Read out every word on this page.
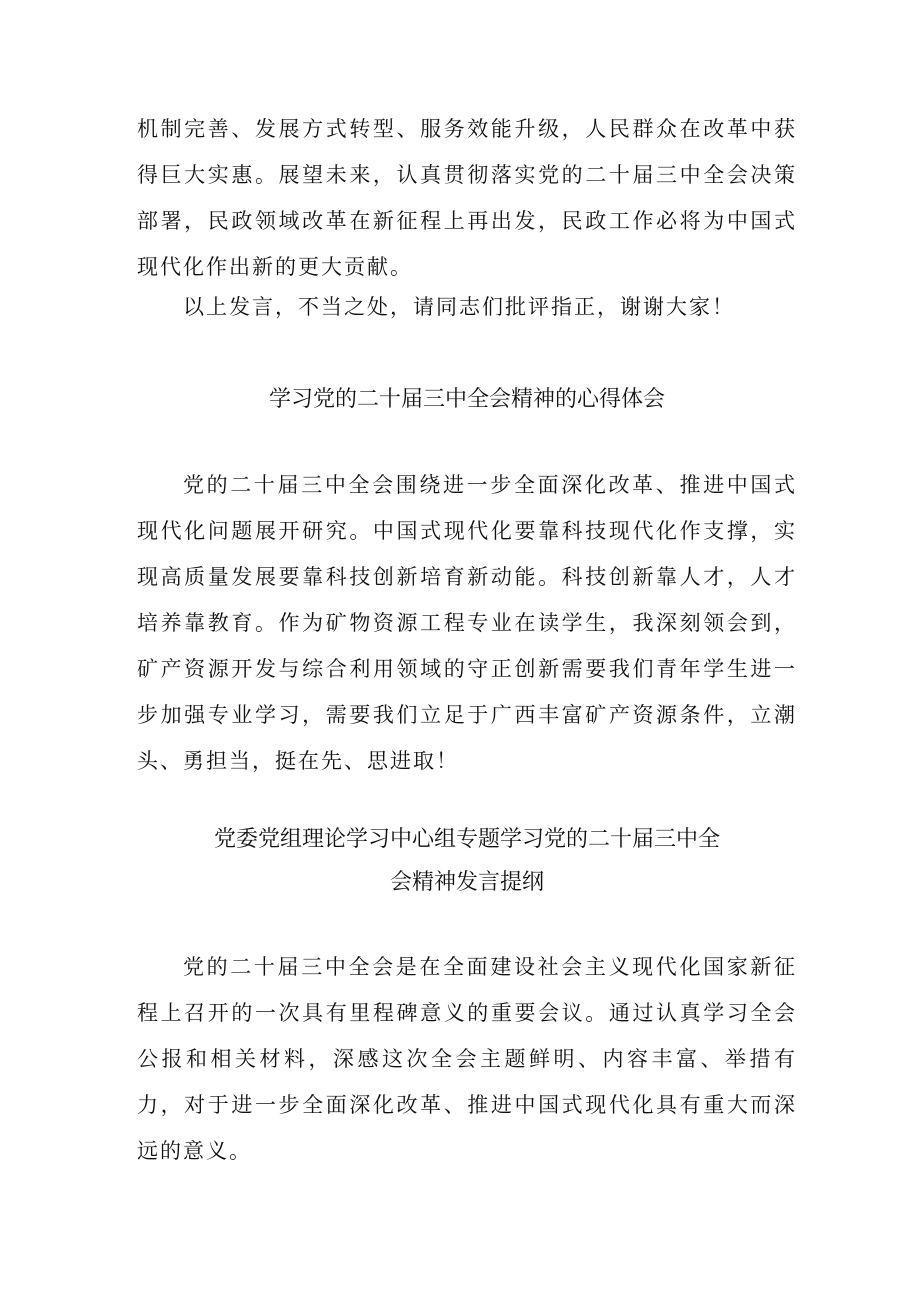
机制完善、发展方式转型、服务效能升级，人民群众在改革中获得巨大实惠。展望未来，认真贯彻落实党的二十届三中全会决策部署，民政领域改革在新征程上再出发，民政工作必将为中国式现代化作出新的更大贡献。

以上发言，不当之处，请同志们批评指正，谢谢大家！

学习党的二十届三中全会精神的心得体会

党的二十届三中全会围绕进一步全面深化改革、推进中国式现代化问题展开研究。中国式现代化要靠科技现代化作支撑，实现高质量发展要靠科技创新培育新动能。科技创新靠人才，人才培养靠教育。作为矿物资源工程专业在读学生，我深刻领会到，矿产资源开发与综合利用领域的守正创新需要我们青年学生进一步加强专业学习，需要我们立足于广西丰富矿产资源条件，立潮头、勇担当，挺在先、思进取！

党委党组理论学习中心组专题学习党的二十届三中全
会精神发言提纲

党的二十届三中全会是在全面建设社会主义现代化国家新征程上召开的一次具有里程碑意义的重要会议。通过认真学习全会公报和相关材料，深感这次全会主题鲜明、内容丰富、举措有力，对于进一步全面深化改革、推进中国式现代化具有重大而深远的意义。
